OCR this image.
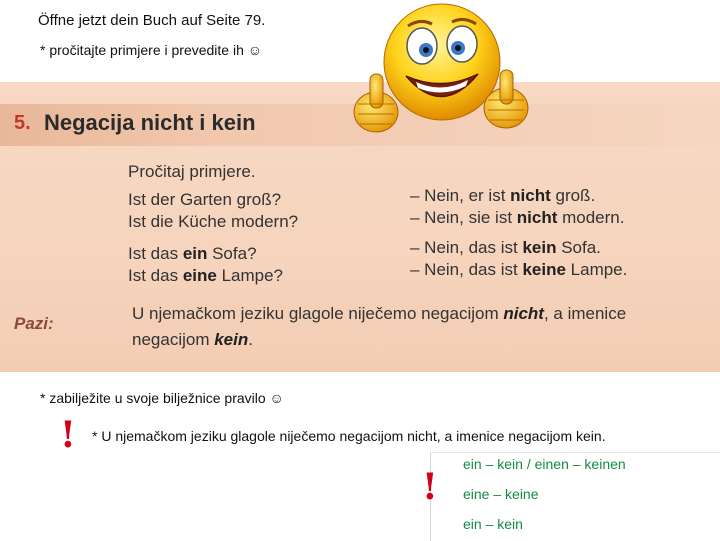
Öffne jetzt dein Buch auf Seite 79.
* pročitajte primjere i prevedite ih ☺
5. Negacija nicht i kein
Pročitaj primjere.
Ist der Garten groß?
Ist die Küche modern?
Ist das ein Sofa?
Ist das eine Lampe?
– Nein, er ist nicht groß.
– Nein, sie ist nicht modern.
– Nein, das ist kein Sofa.
– Nein, das ist keine Lampe.
Pazi:
U njemačkom jeziku glagole niječemo negacijom nicht, a imenice
negacijom kein.
* zabilježite u svoje bilježnice pravilo ☺
! * U njemačkom jeziku glagole niječemo negacijom nicht, a imenice negacijom kein.
!
ein – kein / einen – keinen
eine – keine
ein – kein
